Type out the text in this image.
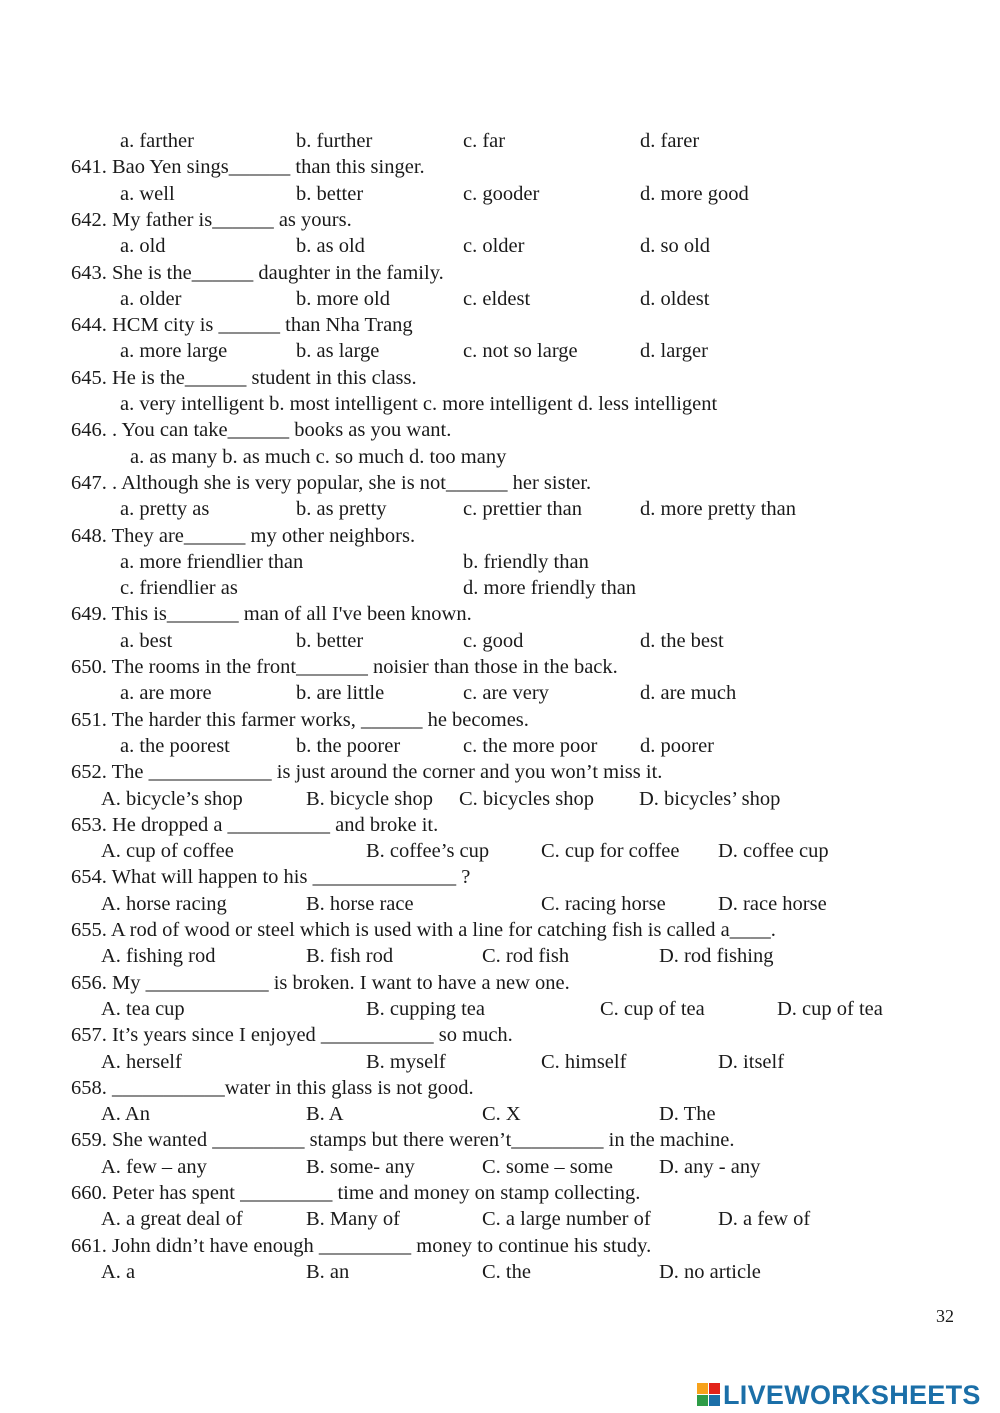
a. farther	b. further	c. far	d. farer
641. Bao Yen sings______ than this singer.
a. well	b. better	c. gooder	d. more good
642. My father is______ as yours.
a. old	b. as old	c. older	d. so old
643. She is the______ daughter in the family.
a. older	b. more old	c. eldest	d. oldest
644. HCM city is ______ than Nha Trang
a. more large	b. as large	c. not so large	d. larger
645. He is the______ student in this class.
a. very intelligent b. most intelligent c. more intelligent d. less intelligent
646. . You can take______ books as you want.
a. as many b. as much c. so much d. too many
647. . Although she is very popular, she is not______ her sister.
a. pretty as	b. as pretty	c. prettier than	d. more pretty than
648. They are______ my other neighbors.
a. more friendlier than	b. friendly than
c. friendlier as	d. more friendly than
649. This is_______ man of all I've been known.
a. best	b. better	c. good	d. the best
650. The rooms in the front_______ noisier than those in the back.
a. are more	b. are little	c. are very	d. are much
651. The harder this farmer works, ______ he becomes.
a. the poorest	b. the poorer	c. the more poor d. poorer
652. The ____________ is just around the corner and you won’t miss it.
A. bicycle’s shop	B. bicycle shop C. bicycles shop D. bicycles’ shop
653. He dropped a __________ and broke it.
A. cup of coffee	B. coffee’s cup	C. cup for coffee D. coffee cup
654. What will happen to his ______________ ?
A. horse racing	B. horse race	C. racing horse	D. race horse
655. A rod of wood or steel which is used with a line for catching fish is called a____.
A. fishing rod	B. fish rod	C. rod fish	D. rod fishing
656. My ____________ is broken. I want to have a new one.
A. tea cup	B. cupping tea	C. cup of tea	D. cup of tea
657. It’s years since I enjoyed ___________ so much.
A. herself	B. myself	C. himself	D. itself
658. ___________water in this glass is not good.
A. An	B. A	C. X	D. The
659. She wanted _________ stamps but there weren’t_________ in the machine.
A. few – any	B. some- any	C. some – some D. any - any
660. Peter has spent _________ time and money on stamp collecting.
A. a great deal of	B. Many of	C. a large number of	D. a few of
661. John didn’t have enough _________ money to continue his study.
A. a	B. an	C. the	D. no article
32
LIVEWORKSHEETS
